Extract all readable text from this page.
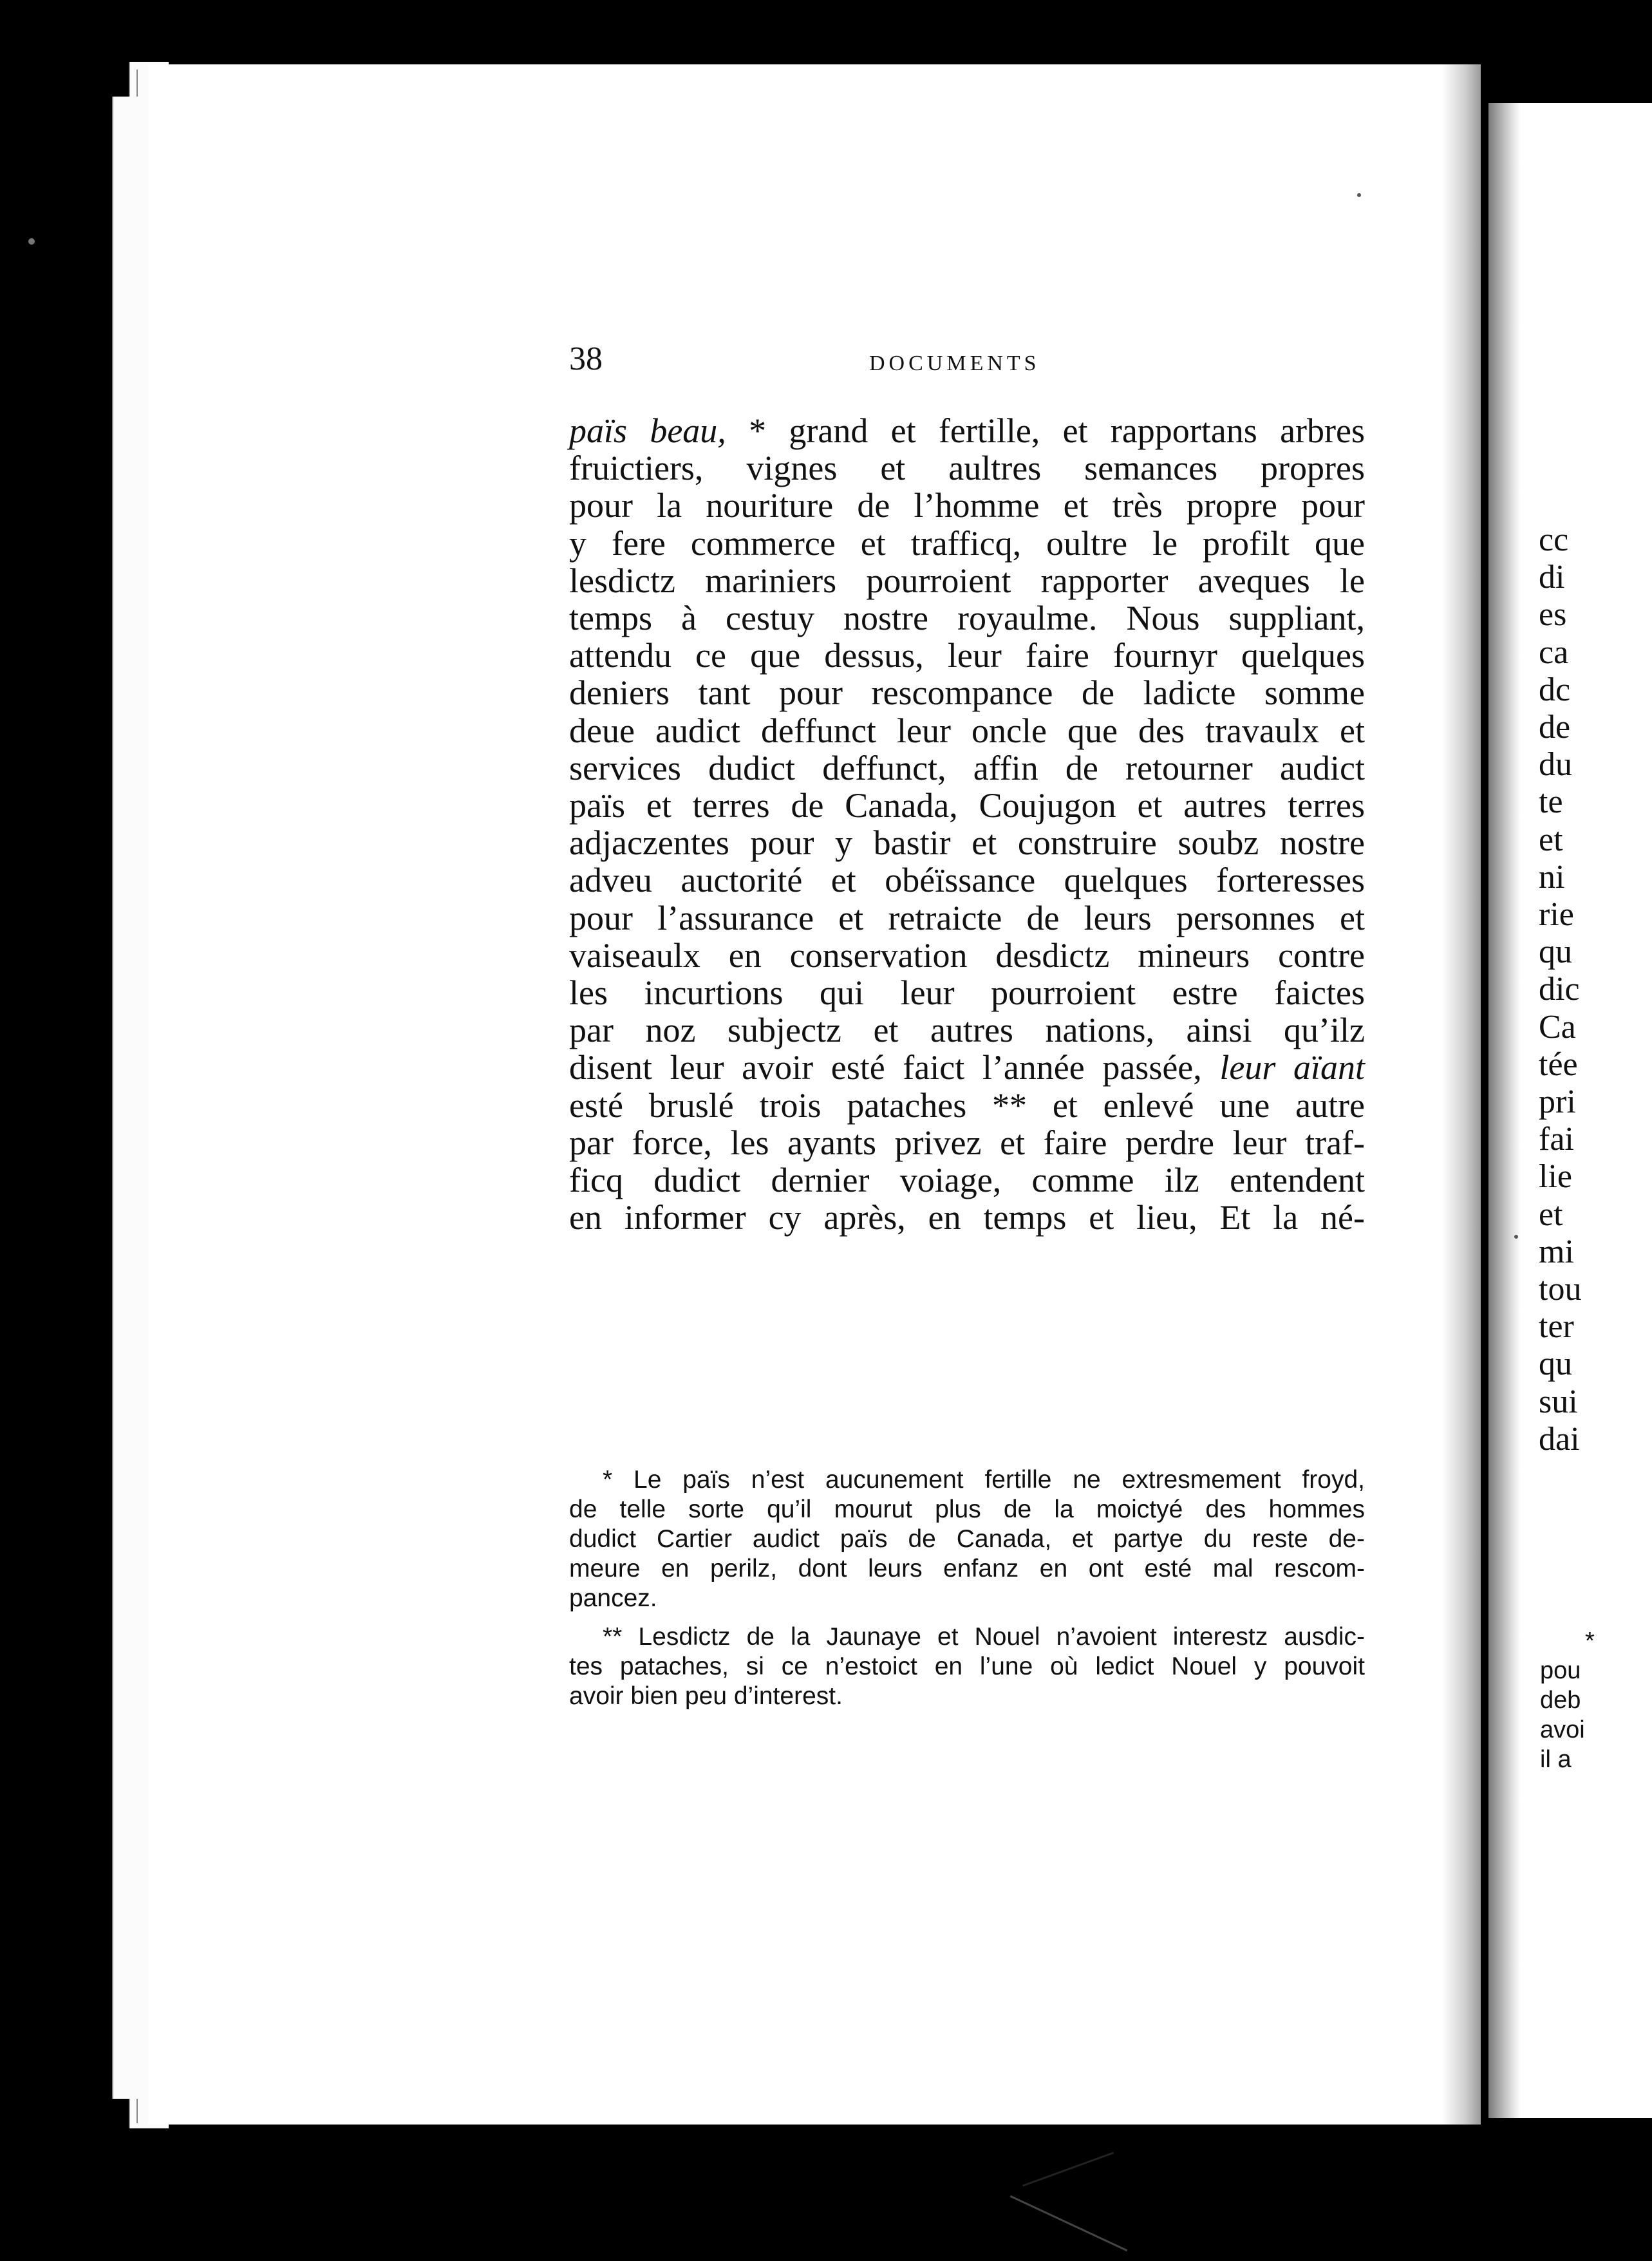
cc
di
es
ca
dc
de
du
te
et
ni
rie
qu
dic
Ca
tée
pri
fai
lie
et
mi
tou
ter
qu
sui
dai
*
pou
deb
avoi
il a
38	DOCUMENTS
païs beau, * grand et fertille, et rapportans arbres
fruictiers, vignes et aultres semances propres
pour la nouriture de l’homme et très propre pour
y fere commerce et trafficq, oultre le profilt que
lesdictz mariniers pourroient rapporter aveques le
temps à cestuy nostre royaulme. Nous suppliant,
attendu ce que dessus, leur faire fournyr quelques
deniers tant pour rescompance de ladicte somme
deue audict deffunct leur oncle que des travaulx et
services dudict deffunct, affin de retourner audict
païs et terres de Canada, Coujugon et autres terres
adjaczentes pour y bastir et construire soubz nostre
adveu auctorité et obéïssance quelques forteresses
pour l’assurance et retraicte de leurs personnes et
vaiseaulx en conservation desdictz mineurs contre
les incurtions qui leur pourroient estre faictes
par noz subjectz et autres nations, ainsi qu’ilz
disent leur avoir esté faict l’année passée, leur aïant
esté bruslé trois pataches ** et enlevé une autre
par force, les ayants privez et faire perdre leur traf-
ficq dudict dernier voiage, comme ilz entendent
en informer cy après, en temps et lieu, Et la né-
* Le païs n’est aucunement fertille ne extresmement froyd,
de telle sorte qu’il mourut plus de la moictyé des hommes
dudict Cartier audict païs de Canada, et partye du reste de-
meure en perilz, dont leurs enfanz en ont esté mal rescom-
pancez.
** Lesdictz de la Jaunaye et Nouel n’avoient interestz ausdic-
tes pataches, si ce n’estoict en l’une où ledict Nouel y pouvoit
avoir bien peu d’interest.
